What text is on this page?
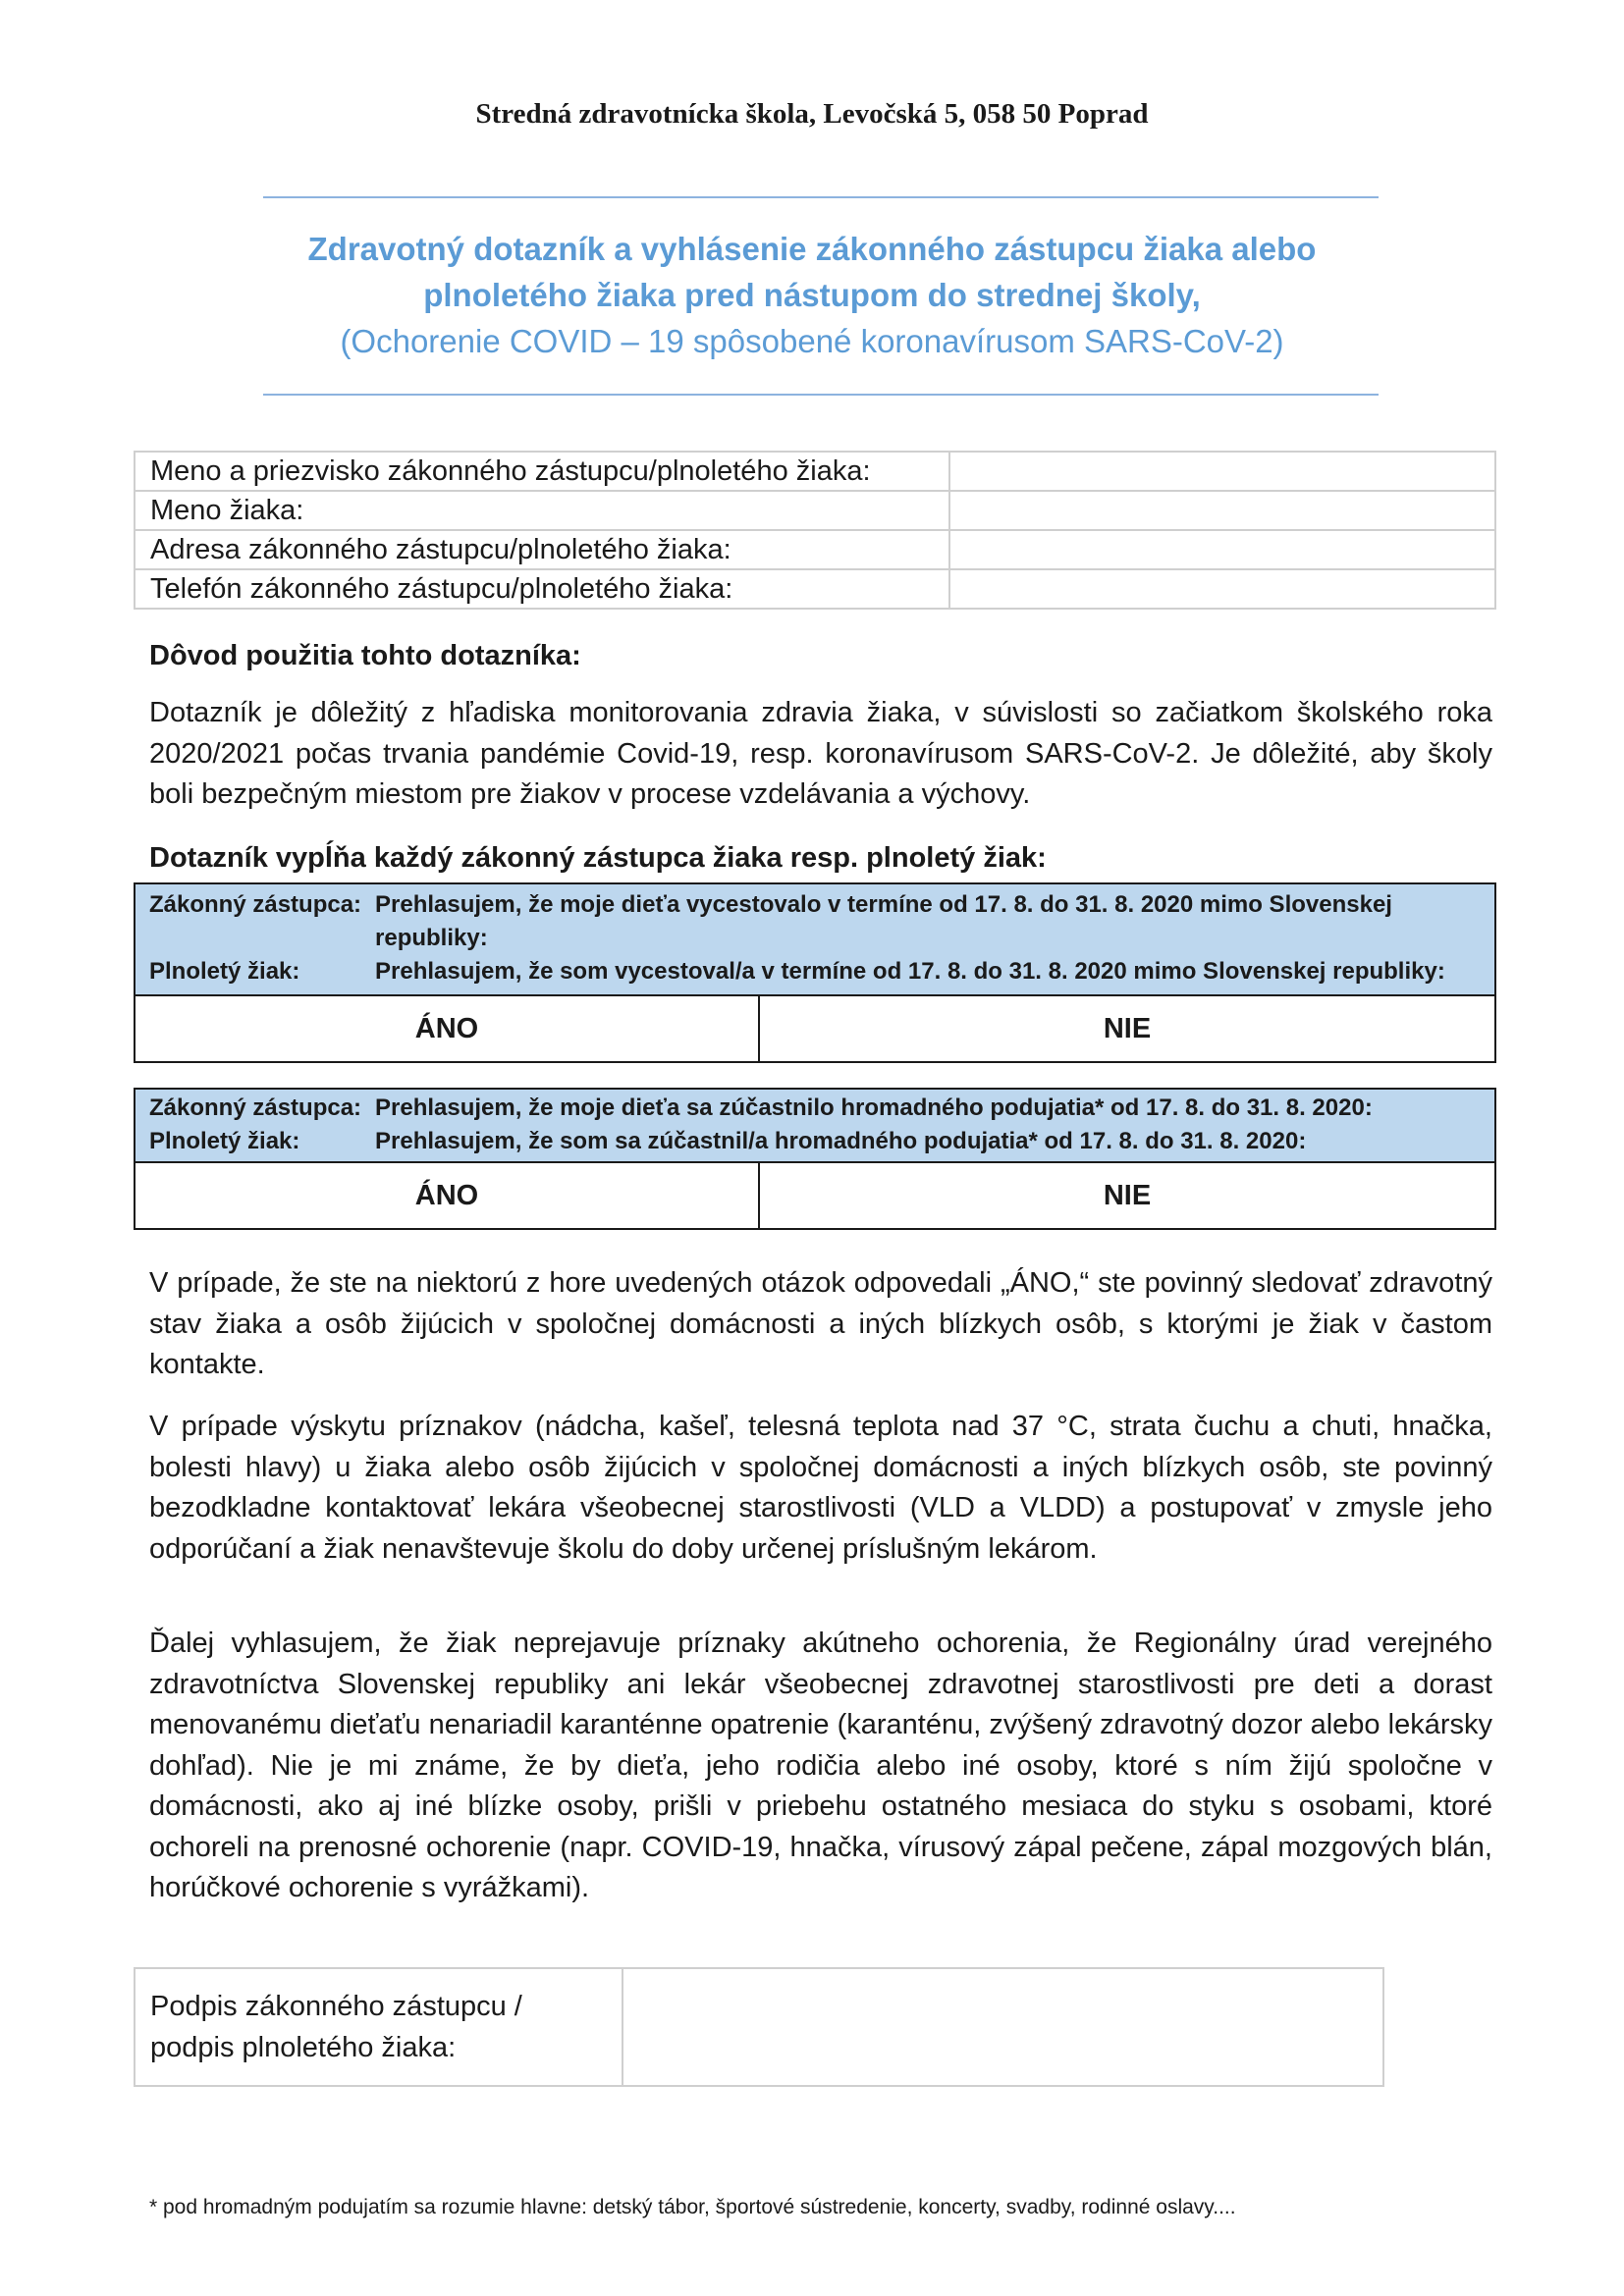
Stredná zdravotnícka škola, Levočská 5, 058 50 Poprad
Zdravotný dotazník a vyhlásenie zákonného zástupcu žiaka alebo
plnoletého žiaka pred nástupom do strednej školy,
(Ochorenie COVID – 19 spôsobené koronavírusom SARS-CoV-2)
Meno a priezvisko zákonného zástupcu/plnoletého žiaka:	
Meno žiaka:	
Adresa zákonného zástupcu/plnoletého žiaka:	
Telefón zákonného zástupcu/plnoletého žiaka:	
Dôvod použitia tohto dotazníka:
Dotazník je dôležitý z hľadiska monitorovania zdravia žiaka, v súvislosti so začiatkom školského roka 2020/2021 počas trvania pandémie Covid-19, resp. koronavírusom SARS-CoV-2. Je dôležité, aby školy boli bezpečným miestom pre žiakov v procese vzdelávania a výchovy.
Dotazník vypĺňa každý zákonný zástupca žiaka resp. plnoletý žiak:
Zákonný zástupca: Prehlasujem, že moje dieťa vycestovalo v termíne od 17. 8. do 31. 8. 2020 mimo Slovenskej republiky:
Plnoletý žiak:	Prehlasujem, že som vycestoval/a v termíne od 17. 8. do 31. 8. 2020 mimo Slovenskej republiky:
ÁNO	NIE
Zákonný zástupca: Prehlasujem, že moje dieťa sa zúčastnilo hromadného podujatia* od 17. 8. do 31. 8. 2020:
Plnoletý žiak:	Prehlasujem, že som sa zúčastnil/a hromadného podujatia* od 17. 8. do 31. 8. 2020:
ÁNO	NIE
V prípade, že ste na niektorú z hore uvedených otázok odpovedali „ÁNO,“ ste povinný sledovať zdravotný stav žiaka a osôb žijúcich v spoločnej domácnosti a iných blízkych osôb, s ktorými je žiak v častom kontakte.
V prípade výskytu príznakov (nádcha, kašeľ, telesná teplota nad 37 °C, strata čuchu a chuti, hnačka, bolesti hlavy) u žiaka alebo osôb žijúcich v spoločnej domácnosti a iných blízkych osôb, ste povinný bezodkladne kontaktovať lekára všeobecnej starostlivosti (VLD a VLDD) a postupovať v zmysle jeho odporúčaní a žiak nenavštevuje školu do doby určenej príslušným lekárom.
Ďalej vyhlasujem, že žiak neprejavuje príznaky akútneho ochorenia, že Regionálny úrad verejného zdravotníctva Slovenskej republiky ani lekár všeobecnej zdravotnej starostlivosti pre deti a dorast menovanému dieťaťu nenariadil karanténne opatrenie (karanténu, zvýšený zdravotný dozor alebo lekársky dohľad). Nie je mi známe, že by dieťa, jeho rodičia alebo iné osoby, ktoré s ním žijú spoločne v domácnosti, ako aj iné blízke osoby, prišli v priebehu ostatného mesiaca do styku s osobami, ktoré ochoreli na prenosné ochorenie (napr. COVID-19, hnačka, vírusový zápal pečene, zápal mozgových blán, horúčkové ochorenie s vyrážkami).
Podpis zákonného zástupcu /
podpis plnoletého žiaka:

* pod hromadným podujatím sa rozumie hlavne: detský tábor, športové sústredenie, koncerty, svadby, rodinné oslavy....
